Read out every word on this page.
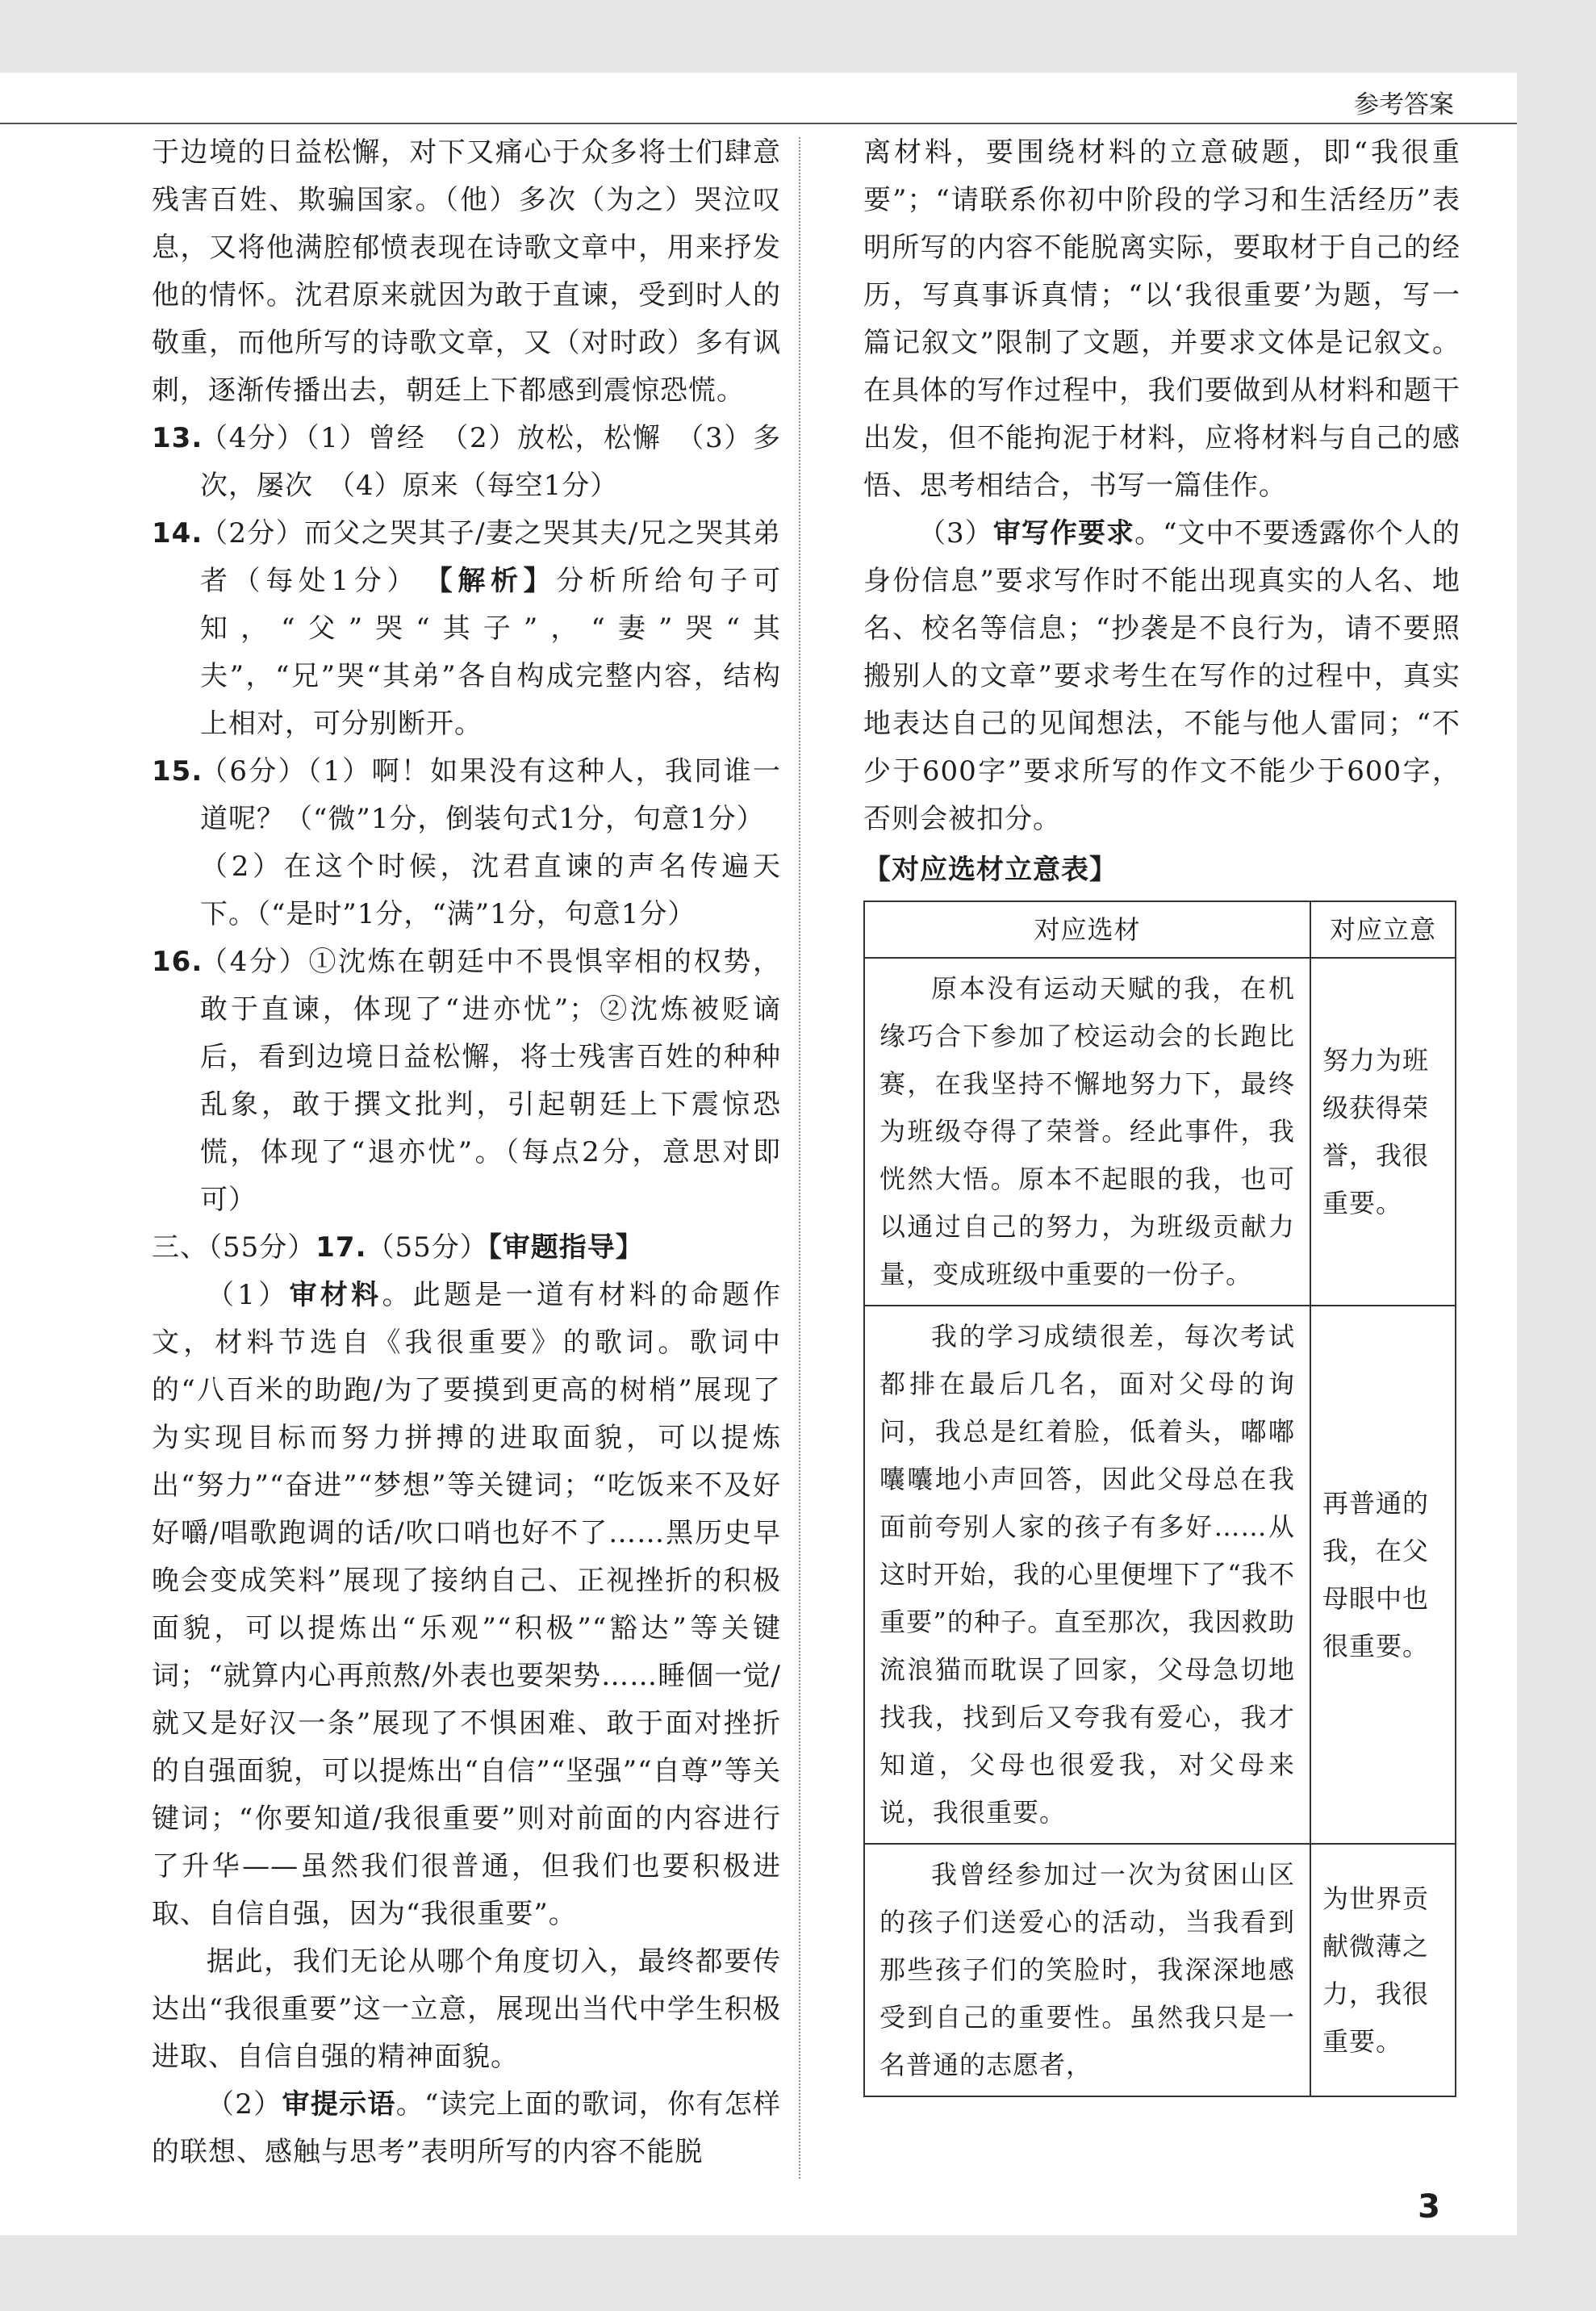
参考答案

于边境的日益松懈，对下又痛心于众多将士们肆意残害百姓、欺骗国家。（他）多次（为之）哭泣叹息，又将他满腔郁愤表现在诗歌文章中，用来抒发他的情怀。沈君原来就因为敢于直谏，受到时人的敬重，而他所写的诗歌文章，又（对时政）多有讽刺，逐渐传播出去，朝廷上下都感到震惊恐慌。

13.
（4分）（1）曾经　（2）放松，松懈　（3）多次，屡次　（4）原来（每空1分）
14.
（2分）而父之哭其子/妻之哭其夫/兄之哭其弟者（每处1分）　【解析】分析所给句子可知，“父”哭“其子”，“妻”哭“其夫”，“兄”哭“其弟”各自构成完整内容，结构上相对，可分别断开。
15.
（6分）（1）啊！如果没有这种人，我同谁一道呢？（“微”1分，倒装句式1分，句意1分）
（2）在这个时候，沈君直谏的声名传遍天下。（“是时”1分，“满”1分，句意1分）
16.
（4分）①沈炼在朝廷中不畏惧宰相的权势，敢于直谏，体现了“进亦忧”；②沈炼被贬谪后，看到边境日益松懈，将士残害百姓的种种乱象，敢于撰文批判，引起朝廷上下震惊恐慌，体现了“退亦忧”。（每点2分，意思对即可）

三、（55分）17.（55分）【审题指导】

（1）审材料。此题是一道有材料的命题作文，材料节选自《我很重要》的歌词。歌词中的“八百米的助跑/为了要摸到更高的树梢”展现了为实现目标而努力拼搏的进取面貌，可以提炼出“努力”“奋进”“梦想”等关键词；“吃饭来不及好好嚼/唱歌跑调的话/吹口哨也好不了……黑历史早晚会变成笑料”展现了接纳自己、正视挫折的积极面貌，可以提炼出“乐观”“积极”“豁达”等关键词；“就算内心再煎熬/外表也要架势……睡個一觉/就又是好汉一条”展现了不惧困难、敢于面对挫折的自强面貌，可以提炼出“自信”“坚强”“自尊”等关键词；“你要知道/我很重要”则对前面的内容进行了升华——虽然我们很普通，但我们也要积极进取、自信自强，因为“我很重要”。

据此，我们无论从哪个角度切入，最终都要传达出“我很重要”这一立意，展现出当代中学生积极进取、自信自强的精神面貌。

（2）审提示语。“读完上面的歌词，你有怎样的联想、感触与思考”表明所写的内容不能脱

离材料，要围绕材料的立意破题，即“我很重要”；“请联系你初中阶段的学习和生活经历”表明所写的内容不能脱离实际，要取材于自己的经历，写真事诉真情；“以‘我很重要’为题，写一篇记叙文”限制了文题，并要求文体是记叙文。在具体的写作过程中，我们要做到从材料和题干出发，但不能拘泥于材料，应将材料与自己的感悟、思考相结合，书写一篇佳作。

（3）审写作要求。“文中不要透露你个人的身份信息”要求写作时不能出现真实的人名、地名、校名等信息；“抄袭是不良行为，请不要照搬别人的文章”要求考生在写作的过程中，真实地表达自己的见闻想法，不能与他人雷同；“不少于600字”要求所写的作文不能少于600字，否则会被扣分。

【对应选材立意表】
对应选材	对应立意
原本没有运动天赋的我，在机缘巧合下参加了校运动会的长跑比赛，在我坚持不懈地努力下，最终为班级夺得了荣誉。经此事件，我恍然大悟。原本不起眼的我，也可以通过自己的努力，为班级贡献力量，变成班级中重要的一份子。	努力为班级获得荣誉，我很重要。
我的学习成绩很差，每次考试都排在最后几名，面对父母的询问，我总是红着脸，低着头，嘟嘟囔囔地小声回答，因此父母总在我面前夸别人家的孩子有多好……从这时开始，我的心里便埋下了“我不重要”的种子。直至那次，我因救助流浪猫而耽误了回家，父母急切地找我，找到后又夸我有爱心，我才知道，父母也很爱我，对父母来说，我很重要。	再普通的我，在父母眼中也很重要。
我曾经参加过一次为贫困山区的孩子们送爱心的活动，当我看到那些孩子们的笑脸时，我深深地感受到自己的重要性。虽然我只是一名普通的志愿者，	为世界贡献微薄之力，我很重要。
3
